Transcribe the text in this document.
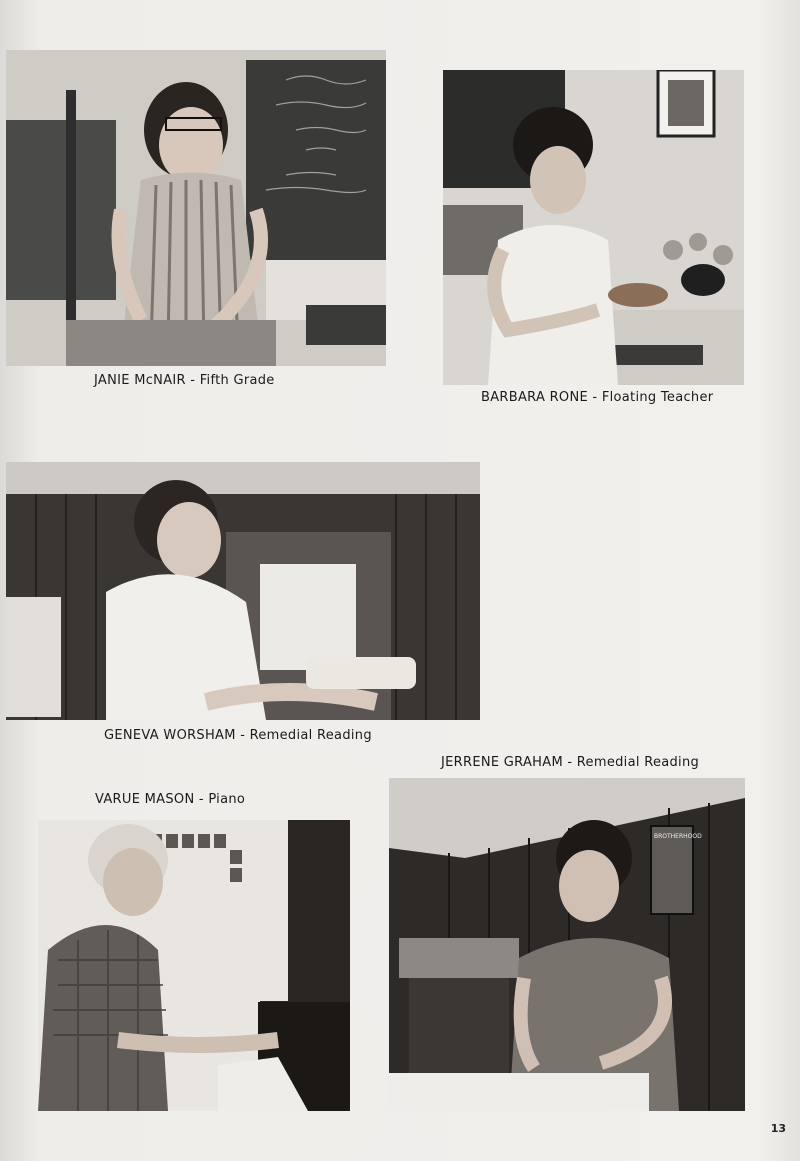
JANIE McNAIR - Fifth Grade
BARBARA RONE - Floating Teacher
GENEVA WORSHAM - Remedial Reading
JERRENE GRAHAM - Remedial Reading
VARUE MASON - Piano
BROTHERHOOD
13
